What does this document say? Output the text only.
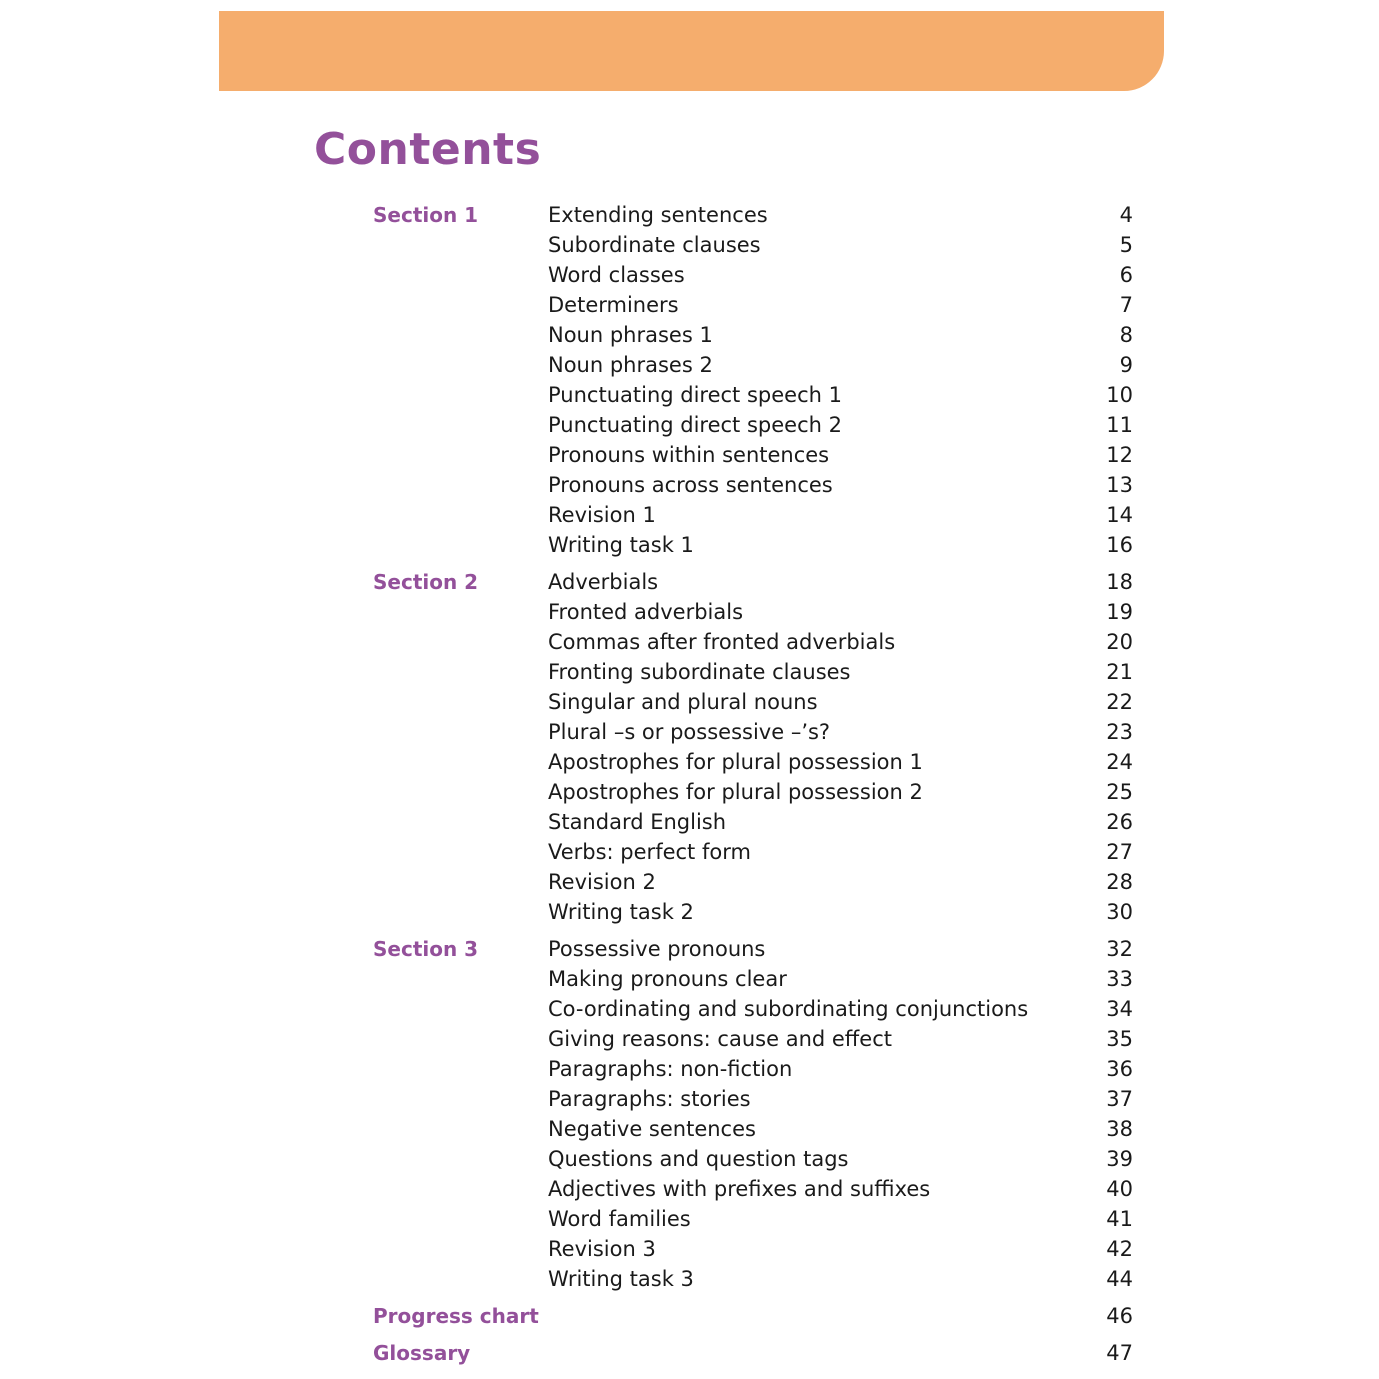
Contents
Section 1	Extending sentences	4
Subordinate clauses	5
Word classes	6
Determiners	7
Noun phrases 1	8
Noun phrases 2	9
Punctuating direct speech 1	10
Punctuating direct speech 2	11
Pronouns within sentences	12
Pronouns across sentences	13
Revision 1	14
Writing task 1	16
Section 2	Adverbials	18
Fronted adverbials	19
Commas after fronted adverbials	20
Fronting subordinate clauses	21
Singular and plural nouns	22
Plural –s or possessive –’s?	23
Apostrophes for plural possession 1	24
Apostrophes for plural possession 2	25
Standard English	26
Verbs: perfect form	27
Revision 2	28
Writing task 2	30
Section 3	Possessive pronouns	32
Making pronouns clear	33
Co-ordinating and subordinating conjunctions	34
Giving reasons: cause and effect	35
Paragraphs: non-fiction	36
Paragraphs: stories	37
Negative sentences	38
Questions and question tags	39
Adjectives with prefixes and suffixes	40
Word families	41
Revision 3	42
Writing task 3	44
Progress chart	46
Glossary	47
